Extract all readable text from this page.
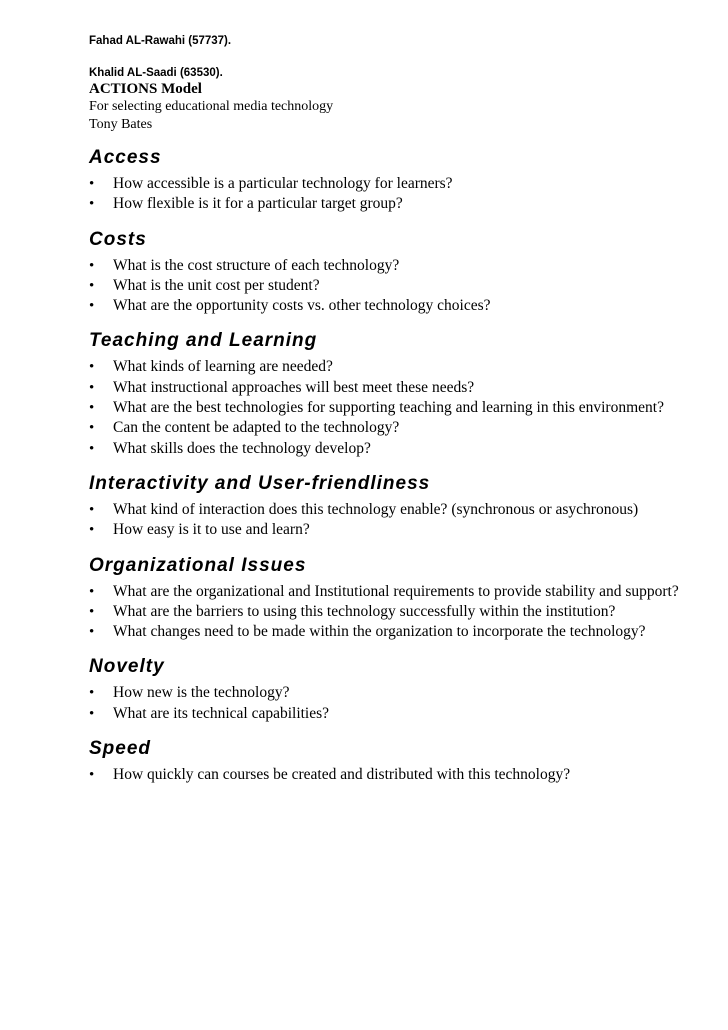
Fahad AL-Rawahi (57737).

Khalid AL-Saadi (63530).

ACTIONS Model

For selecting educational media technology

Tony Bates

Access
• How accessible is a particular technology for learners?
• How flexible is it for a particular target group?
Costs
• What is the cost structure of each technology?
• What is the unit cost per student?
• What are the opportunity costs vs. other technology choices?
Teaching and Learning
• What kinds of learning are needed?
• What instructional approaches will best meet these needs?
• What are the best technologies for supporting teaching and learning in this environment?
• Can the content be adapted to the technology?
• What skills does the technology develop?
Interactivity and User-friendliness
• What kind of interaction does this technology enable? (synchronous or asychronous)
• How easy is it to use and learn?
Organizational Issues
• What are the organizational and Institutional requirements to provide stability and support?
• What are the barriers to using this technology successfully within the institution?
• What changes need to be made within the organization to incorporate the technology?
Novelty
• How new is the technology?
• What are its technical capabilities?
Speed
• How quickly can courses be created and distributed with this technology?
